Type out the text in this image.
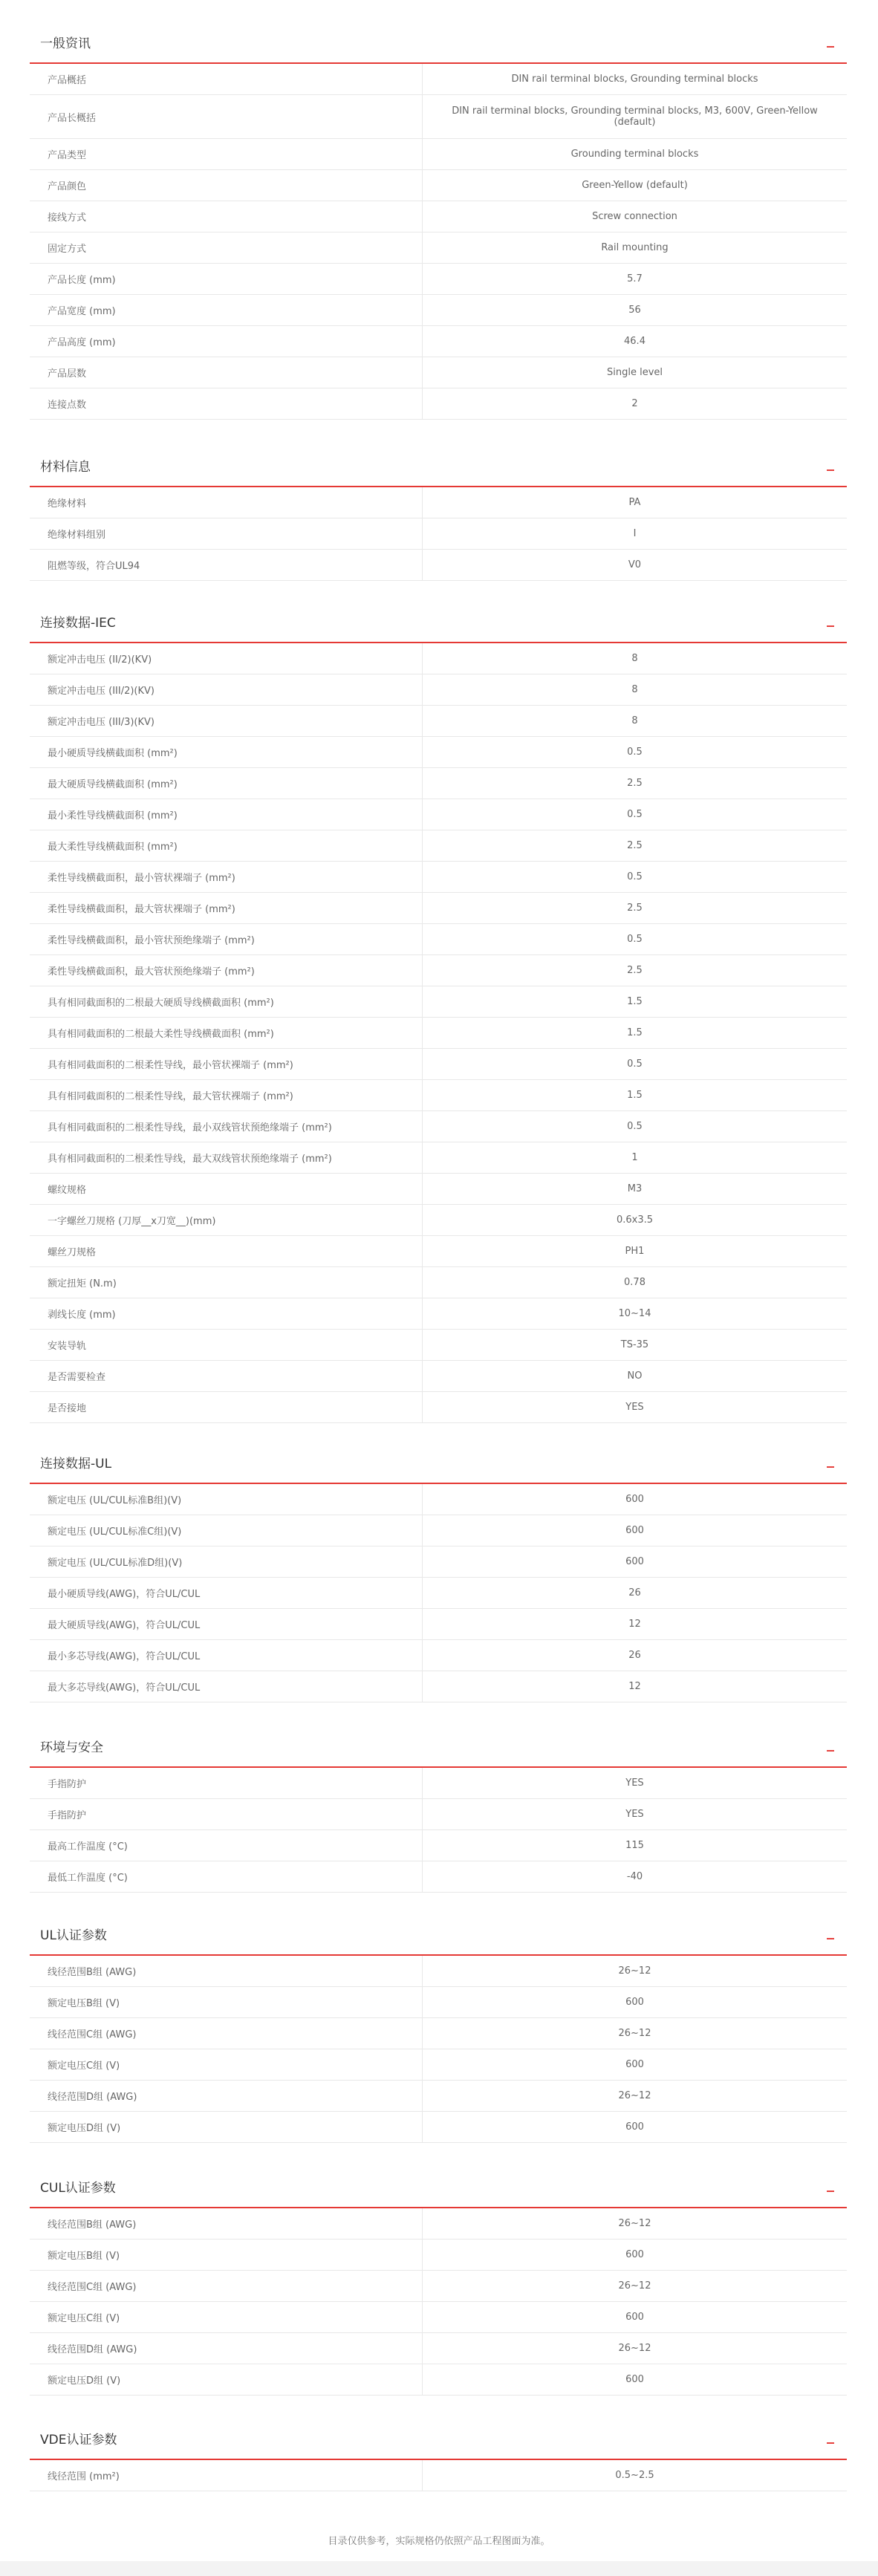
一般资讯	_
产品概括	DIN rail terminal blocks, Grounding terminal blocks
产品长概括	DIN rail terminal blocks, Grounding terminal blocks, M3, 600V, Green-Yellow (default)
产品类型	Grounding terminal blocks
产品颜色	Green-Yellow (default)
接线方式	Screw connection
固定方式	Rail mounting
产品长度 (mm)	5.7
产品宽度 (mm)	56
产品高度 (mm)	46.4
产品层数	Single level
连接点数	2
材料信息	_
绝缘材料	PA
绝缘材料组别	I
阻燃等级，符合UL94	V0
连接数据-IEC	_
额定冲击电压 (II/2)(KV)	8
额定冲击电压 (III/2)(KV)	8
额定冲击电压 (III/3)(KV)	8
最小硬质导线横截面积 (mm²)	0.5
最大硬质导线横截面积 (mm²)	2.5
最小柔性导线横截面积 (mm²)	0.5
最大柔性导线横截面积 (mm²)	2.5
柔性导线横截面积，最小管状裸端子 (mm²)	0.5
柔性导线横截面积，最大管状裸端子 (mm²)	2.5
柔性导线横截面积，最小管状预绝缘端子 (mm²)	0.5
柔性导线横截面积，最大管状预绝缘端子 (mm²)	2.5
具有相同截面积的二根最大硬质导线横截面积 (mm²)	1.5
具有相同截面积的二根最大柔性导线横截面积 (mm²)	1.5
具有相同截面积的二根柔性导线，最小管状裸端子 (mm²)	0.5
具有相同截面积的二根柔性导线，最大管状裸端子 (mm²)	1.5
具有相同截面积的二根柔性导线，最小双线管状预绝缘端子 (mm²)	0.5
具有相同截面积的二根柔性导线，最大双线管状预绝缘端子 (mm²)	1
螺纹规格	M3
一字螺丝刀规格 (刀厚__x刀宽__)(mm)	0.6x3.5
螺丝刀规格	PH1
额定扭矩 (N.m)	0.78
剥线长度 (mm)	10~14
安装导轨	TS-35
是否需要检查	NO
是否接地	YES
连接数据-UL	_
额定电压 (UL/CUL标准B组)(V)	600
额定电压 (UL/CUL标准C组)(V)	600
额定电压 (UL/CUL标准D组)(V)	600
最小硬质导线(AWG)，符合UL/CUL	26
最大硬质导线(AWG)，符合UL/CUL	12
最小多芯导线(AWG)，符合UL/CUL	26
最大多芯导线(AWG)，符合UL/CUL	12
环境与安全	_
手指防护	YES
手指防护	YES
最高工作温度 (°C)	115
最低工作温度 (°C)	-40
UL认证参数	_
线径范围B组 (AWG)	26~12
额定电压B组 (V)	600
线径范围C组 (AWG)	26~12
额定电压C组 (V)	600
线径范围D组 (AWG)	26~12
额定电压D组 (V)	600
CUL认证参数	_
线径范围B组 (AWG)	26~12
额定电压B组 (V)	600
线径范围C组 (AWG)	26~12
额定电压C组 (V)	600
线径范围D组 (AWG)	26~12
额定电压D组 (V)	600
VDE认证参数	_
线径范围 (mm²)	0.5~2.5
目录仅供参考，实际规格仍依照产品工程图面为准。
